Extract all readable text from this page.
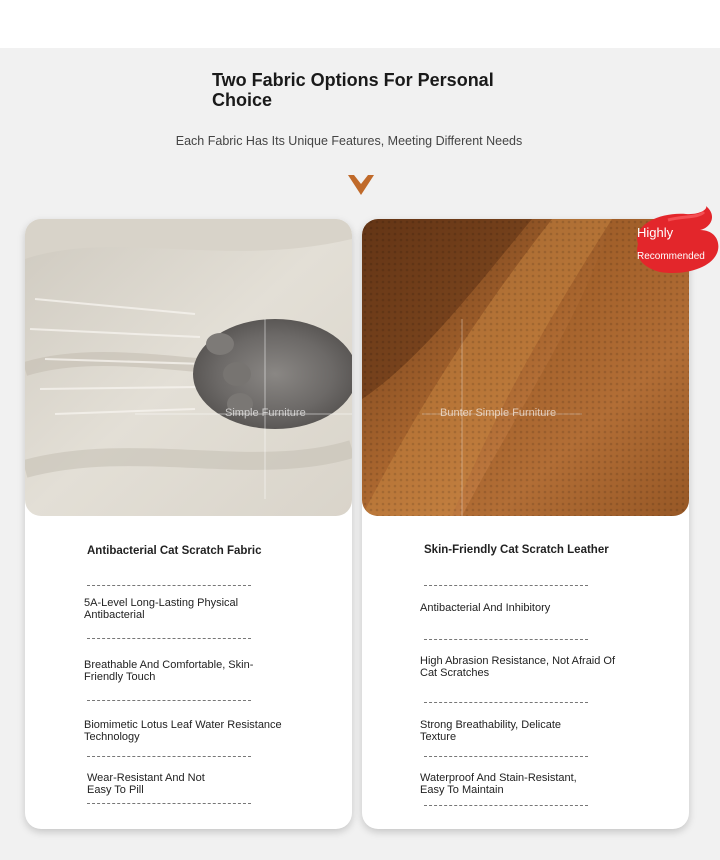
Two Fabric Options For Personal Choice
Each Fabric Has Its Unique Features, Meeting Different Needs
Simple Furniture
Antibacterial Cat Scratch Fabric
5A-Level Long-Lasting Physical Antibacterial
Breathable And Comfortable, Skin-Friendly Touch
Biomimetic Lotus Leaf Water Resistance Technology
Wear-Resistant And Not Easy To Pill
Bunter Simple Furniture
Skin-Friendly Cat Scratch Leather
Antibacterial And Inhibitory
High Abrasion Resistance, Not Afraid Of Cat Scratches
Strong Breathability, Delicate Texture
Waterproof And Stain-Resistant, Easy To Maintain
Highly
Recommended
